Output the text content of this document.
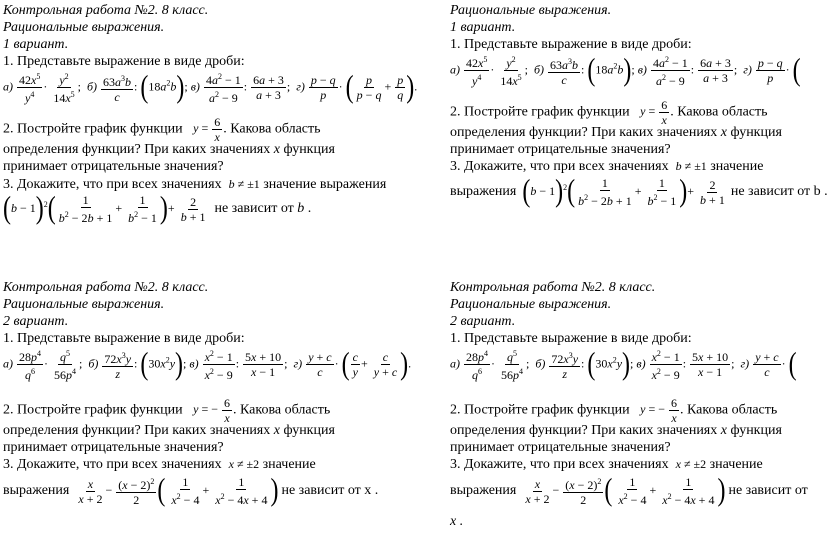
Контрольная работа №2. 8 класс.
Рациональные выражения.
1 вариант.
1. Представьте выражение в виде дроби:
$а) \frac{42x^5}{y^4} \cdot \frac{y^2}{14x^5}$ ;  $б) \frac{63a^3b}{c}$ : $(18a^2b)$; $в) \frac{4a^2 - 1}{a^2 - 9}$ : $\frac{6a + 3}{a + 3}$ ;  $г) \frac{p - q}{p}$ · ( $\frac{p}{p - q} + \frac{p}{q}$ ).
2. Постройте график функции $y = \frac{6}{x}$ . Какова область
определения функции? При каких значениях x функция
принимает отрицательные значения?
3. Докажите, что при всех значениях b ≠ ±1 значение выражения
$(b - 1)^2( \frac{1}{b^2 - 2b + 1} + \frac{1}{b^2 - 1}$ )+ $\frac{2}{b + 1}$ не зависит от b .
Рациональные выражения.
1 вариант.
1. Представьте выражение в виде дроби:
$а) \frac{42x^5}{y^4} \cdot \frac{y^2}{14x^5}$ ;  $б) \frac{63a^3b}{c}$ : $(18a^2b)$; $в) \frac{4a^2 - 1}{a^2 - 9}$ : $\frac{6a + 3}{a + 3}$ ;  $г) \frac{p - q}{p}$ · (
2. Постройте график функции $y = \frac{6}{x}$ . Какова область
определения функции? При каких значениях x функция
принимает отрицательные значения?
3. Докажите, что при всех значениях b ≠ ±1 значение
выражения $(b - 1)^2( \frac{1}{b^2 - 2b + 1} + \frac{1}{b^2 - 1}$ )+ $\frac{2}{b + 1}$ не зависит от b .
Контрольная работа №2. 8 класс.
Рациональные выражения.
2 вариант.
1. Представьте выражение в виде дроби:
$а) \frac{28p^4}{q^6} \cdot \frac{q^5}{56p^4}$ ;  $б) \frac{72x^3y}{z}$ : $(30x^2y)$; $в) \frac{x^2 - 1}{x^2 - 9}$ : $\frac{5x + 10}{x - 1}$ ;  $г) \frac{y + c}{c}$ · ( $\frac{c}{y} + \frac{c}{y + c}$ ).
2. Постройте график функции y = − $\frac{6}{x}$ . Какова область
определения функции? При каких значениях x функция
принимает отрицательные значения?
3. Докажите, что при всех значениях x ≠ ±2 значение
выражения $\frac{x}{x + 2} - \frac{(x - 2)^2}{2}$ ( $\frac{1}{x^2 - 4} + \frac{1}{x^2 - 4x + 4}$ ) не зависит от x .
Контрольная работа №2. 8 класс.
Рациональные выражения.
2 вариант.
1. Представьте выражение в виде дроби:
$а) \frac{28p^4}{q^6} \cdot \frac{q^5}{56p^4}$ ;  $б) \frac{72x^3y}{z}$ : $(30x^2y)$; $в) \frac{x^2 - 1}{x^2 - 9}$ : $\frac{5x + 10}{x - 1}$ ;  $г) \frac{y + c}{c}$ · (
2. Постройте график функции y = − $\frac{6}{x}$ . Какова область
определения функции? При каких значениях x функция
принимает отрицательные значения?
3. Докажите, что при всех значениях x ≠ ±2 значение
выражения $\frac{x}{x + 2} - \frac{(x - 2)^2}{2}$ ( $\frac{1}{x^2 - 4} + \frac{1}{x^2 - 4x + 4}$ ) не зависит от
x .
